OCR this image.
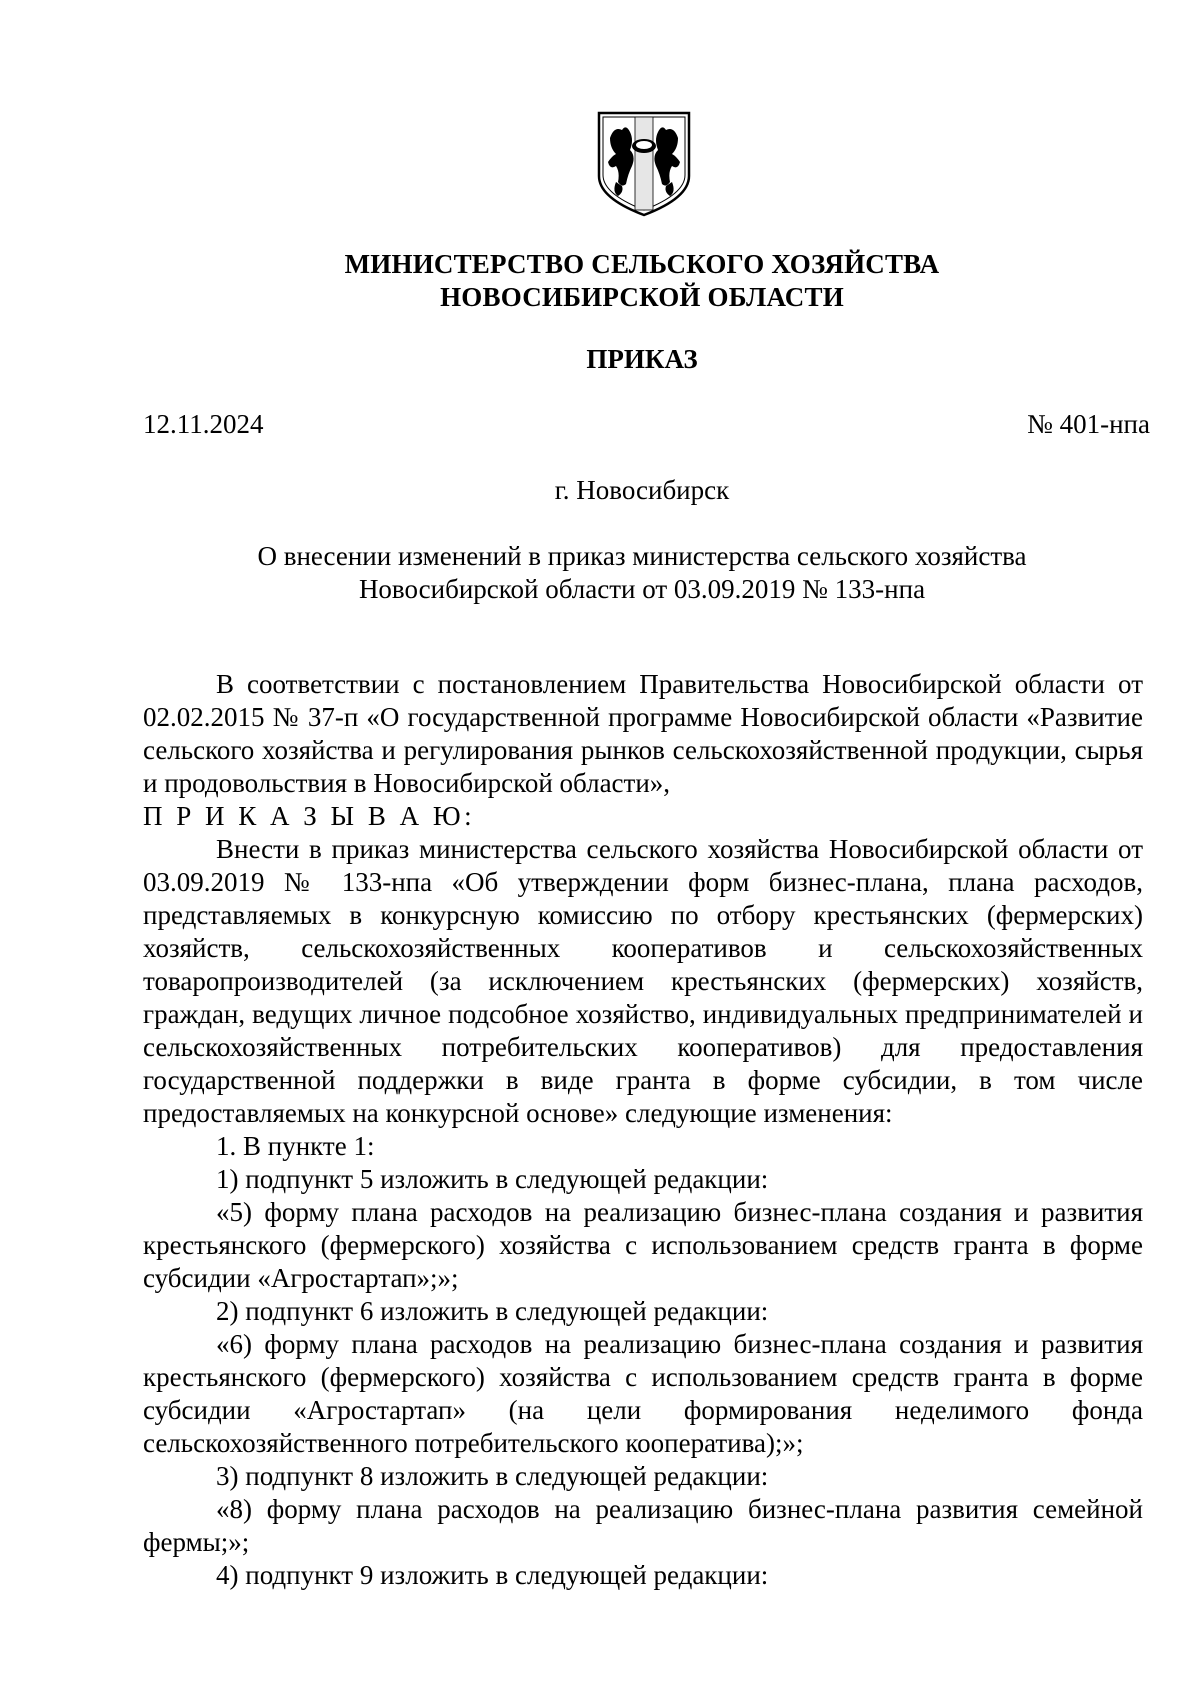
МИНИСТЕРСТВО СЕЛЬСКОГО ХОЗЯЙСТВА
НОВОСИБИРСКОЙ ОБЛАСТИ
ПРИКАЗ
12.11.2024	№ 401-нпа
г. Новосибирск
О внесении изменений в приказ министерства сельского хозяйства
Новосибирской области от 03.09.2019 № 133-нпа

В соответствии с постановлением Правительства Новосибирской области от 02.02.2015 № 37-п «О государственной программе Новосибирской области «Развитие сельского хозяйства и регулирования рынков сельскохозяйственной продукции, сырья и продовольствия в Новосибирской области»,

П Р И К А З Ы В А Ю:

Внести в приказ министерства сельского хозяйства Новосибирской области от 03.09.2019 № 133-нпа «Об утверждении форм бизнес-плана, плана расходов, представляемых в конкурсную комиссию по отбору крестьянских (фермерских) хозяйств, сельскохозяйственных кооперативов и сельскохозяйственных товаропроизводителей (за исключением крестьянских (фермерских) хозяйств, граждан, ведущих личное подсобное хозяйство, индивидуальных предпринимателей и сельскохозяйственных потребительских кооперативов) для предоставления государственной поддержки в виде гранта в форме субсидии, в том числе предоставляемых на конкурсной основе» следующие изменения:

1. В пункте 1:

1) подпункт 5 изложить в следующей редакции:

«5) форму плана расходов на реализацию бизнес-плана создания и развития крестьянского (фермерского) хозяйства с использованием средств гранта в форме субсидии «Агростартап»;»;

2) подпункт 6 изложить в следующей редакции:

«6) форму плана расходов на реализацию бизнес-плана создания и развития крестьянского (фермерского) хозяйства с использованием средств гранта в форме субсидии «Агростартап» (на цели формирования неделимого фонда сельскохозяйственного потребительского кооператива);»;

3) подпункт 8 изложить в следующей редакции:

«8) форму плана расходов на реализацию бизнес-плана развития семейной фермы;»;

4) подпункт 9 изложить в следующей редакции:
